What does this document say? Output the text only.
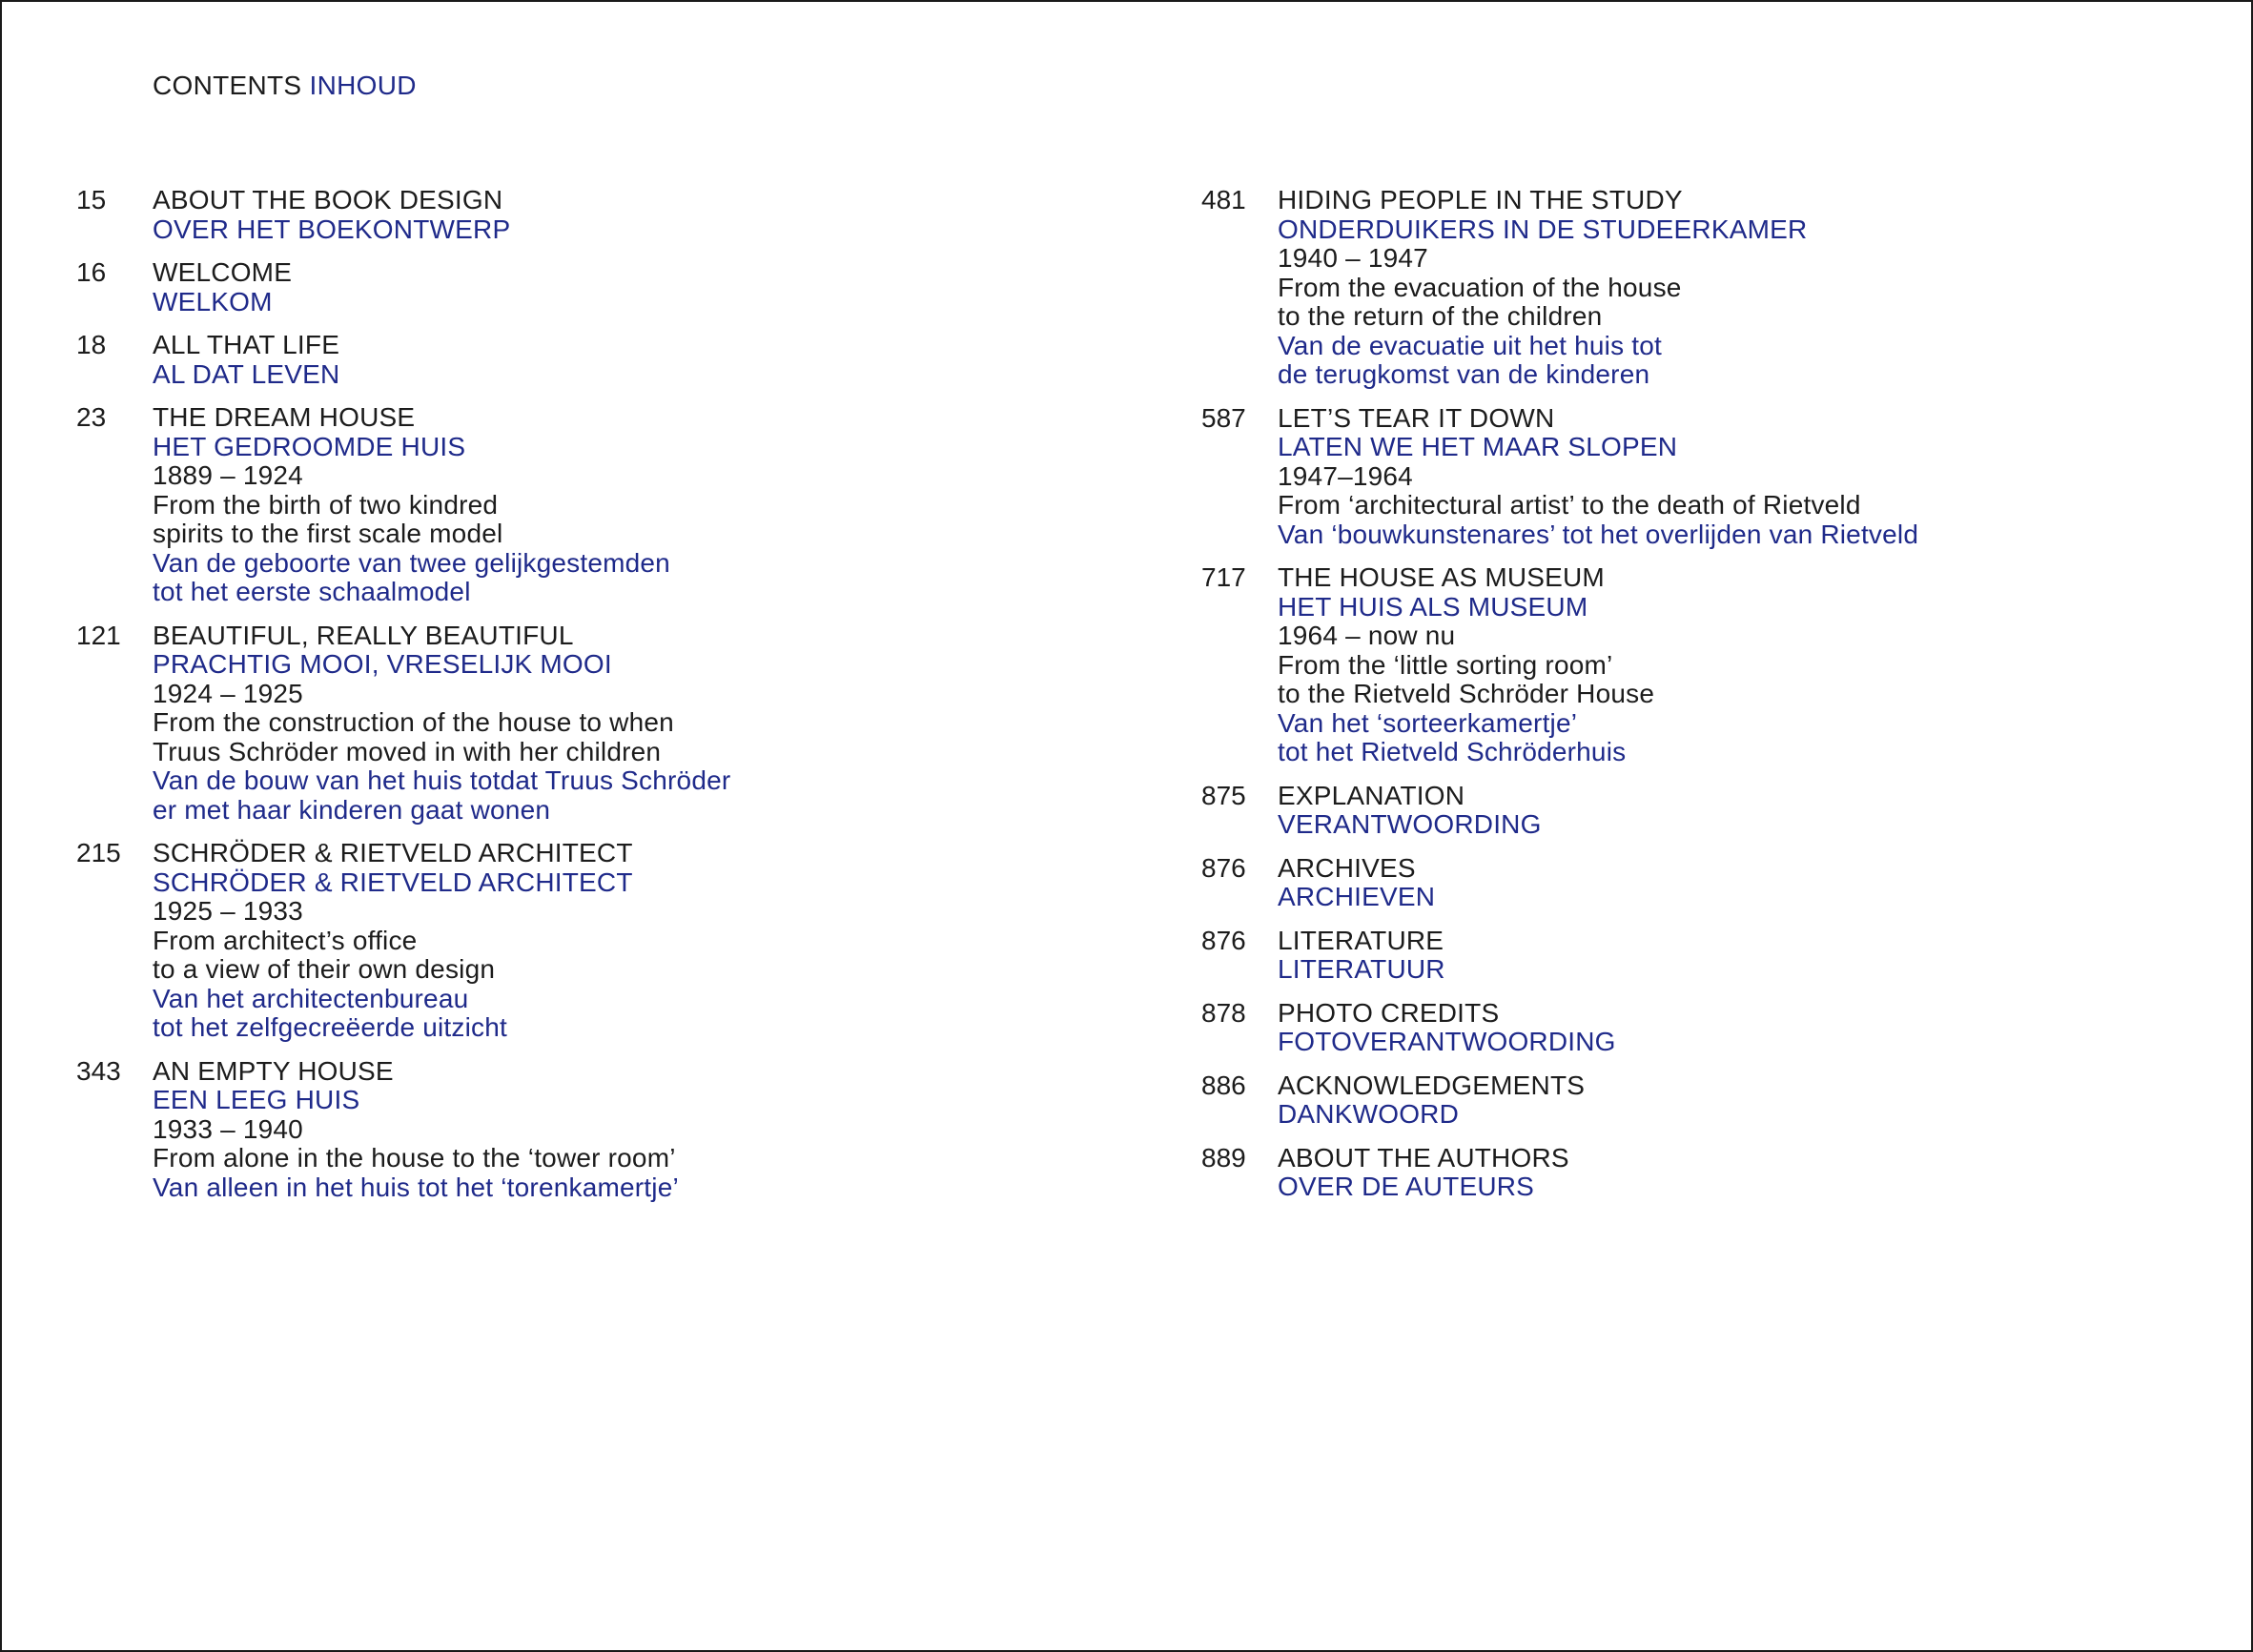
CONTENTS INHOUD
15	ABOUT THE BOOK DESIGN
OVER HET BOEKONTWERP
16	WELCOME
WELKOM
18	ALL THAT LIFE
AL DAT LEVEN
23	THE DREAM HOUSE
HET GEDROOMDE HUIS
1889 – 1924
From the birth of two kindred
spirits to the first scale model
Van de geboorte van twee gelijkgestemden
tot het eerste schaalmodel
121	BEAUTIFUL, REALLY BEAUTIFUL
PRACHTIG MOOI, VRESELIJK MOOI
1924 – 1925
From the construction of the house to when
Truus Schröder moved in with her children
Van de bouw van het huis totdat Truus Schröder
er met haar kinderen gaat wonen
215	SCHRÖDER & RIETVELD ARCHITECT
SCHRÖDER & RIETVELD ARCHITECT
1925 – 1933
From architect’s office
to a view of their own design
Van het architectenbureau
tot het zelfgecreëerde uitzicht
343	AN EMPTY HOUSE
EEN LEEG HUIS
1933 – 1940
From alone in the house to the ‘tower room’
Van alleen in het huis tot het ‘torenkamertje’
481	HIDING PEOPLE IN THE STUDY
ONDERDUIKERS IN DE STUDEERKAMER
1940 – 1947
From the evacuation of the house
to the return of the children
Van de evacuatie uit het huis tot
de terugkomst van de kinderen
587	LET’S TEAR IT DOWN
LATEN WE HET MAAR SLOPEN
1947–1964
From ‘architectural artist’ to the death of Rietveld
Van ‘bouwkunstenares’ tot het overlijden van Rietveld
717	THE HOUSE AS MUSEUM
HET HUIS ALS MUSEUM
1964 – now nu
From the ‘little sorting room’
to the Rietveld Schröder House
Van het ‘sorteerkamertje’
tot het Rietveld Schröderhuis
875	EXPLANATION
VERANTWOORDING
876	ARCHIVES
ARCHIEVEN
876	LITERATURE
LITERATUUR
878	PHOTO CREDITS
FOTOVERANTWOORDING
886	ACKNOWLEDGEMENTS
DANKWOORD
889	ABOUT THE AUTHORS
OVER DE AUTEURS
